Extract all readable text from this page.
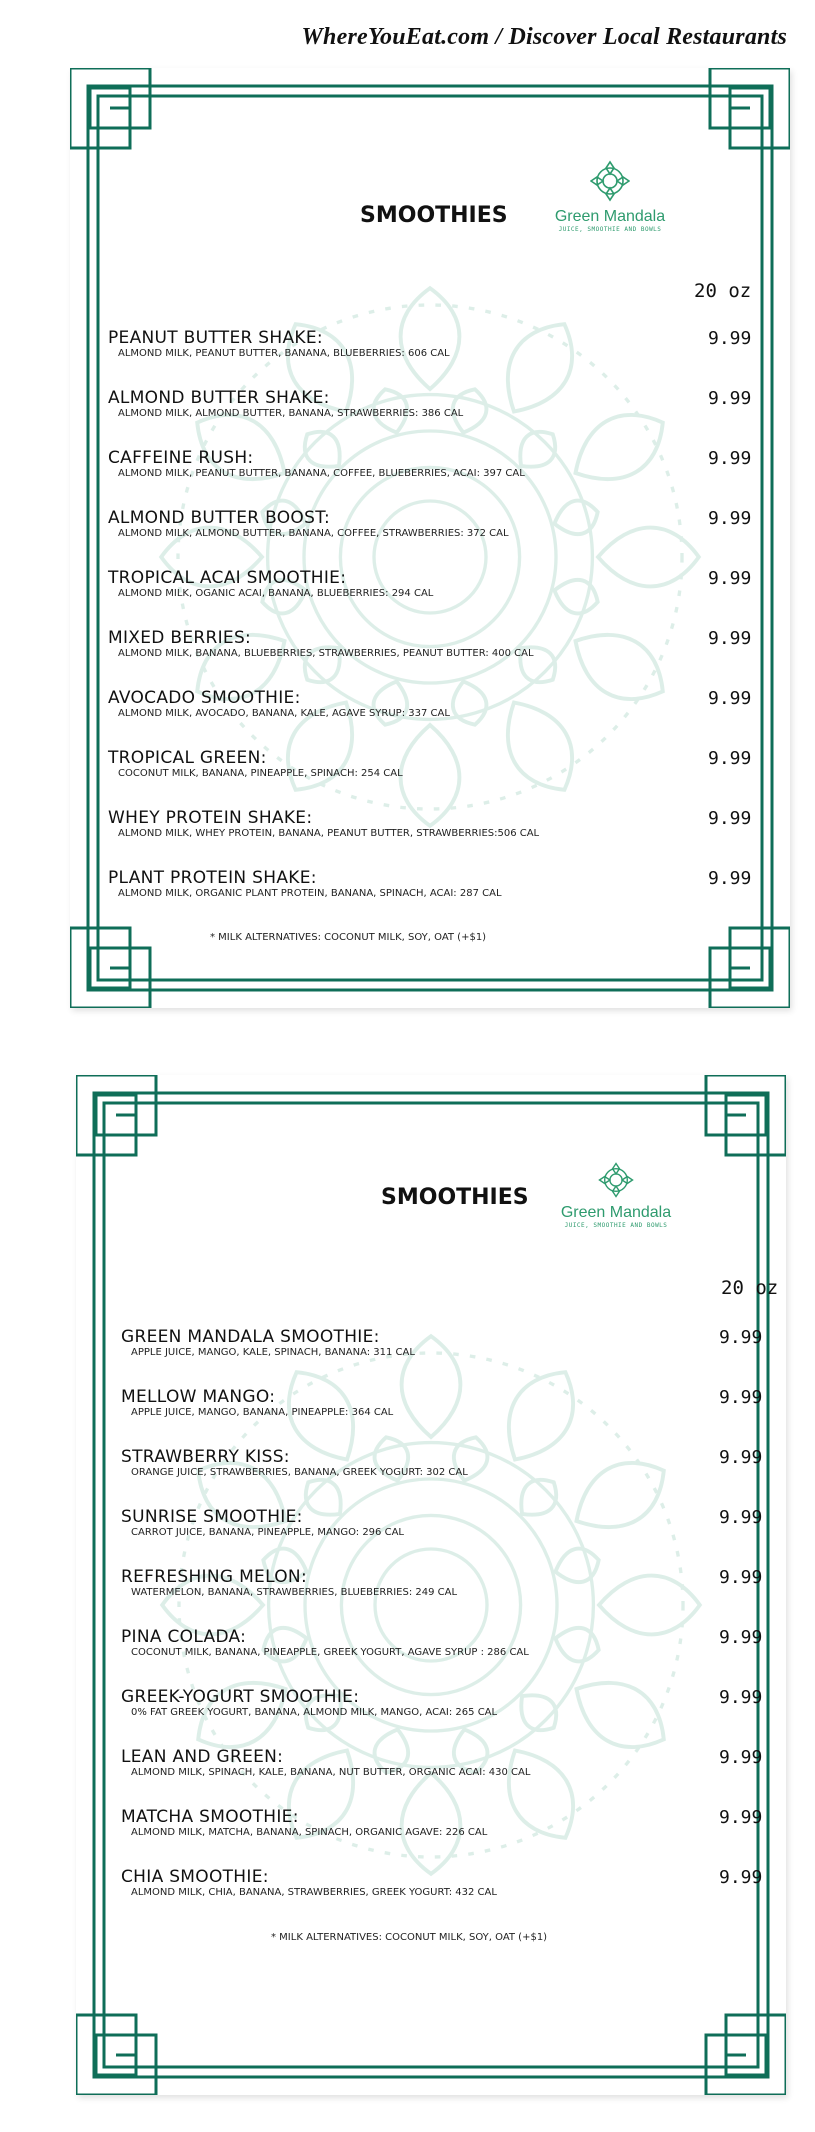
WhereYouEat.com / Discover Local Restaurants
SMOOTHIES	Green Mandala
JUICE, SMOOTHIE AND BOWLS
20 oz
PEANUT BUTTER SHAKE:
ALMOND MILK, PEANUT BUTTER, BANANA, BLUEBERRIES: 606 CAL
9.99
ALMOND BUTTER SHAKE:
ALMOND MILK, ALMOND BUTTER, BANANA, STRAWBERRIES: 386 CAL
9.99
CAFFEINE RUSH:
ALMOND MILK, PEANUT BUTTER, BANANA, COFFEE, BLUEBERRIES, ACAI: 397 CAL
9.99
ALMOND BUTTER BOOST:
ALMOND MILK, ALMOND BUTTER, BANANA, COFFEE, STRAWBERRIES: 372 CAL
9.99
TROPICAL ACAI SMOOTHIE:
ALMOND MILK, OGANIC ACAI, BANANA, BLUEBERRIES: 294 CAL
9.99
MIXED BERRIES:
ALMOND MILK, BANANA, BLUEBERRIES, STRAWBERRIES, PEANUT BUTTER: 400 CAL
9.99
AVOCADO SMOOTHIE:
ALMOND MILK, AVOCADO, BANANA, KALE, AGAVE SYRUP: 337 CAL
9.99
TROPICAL GREEN:
COCONUT MILK, BANANA, PINEAPPLE, SPINACH: 254 CAL
9.99
WHEY PROTEIN SHAKE:
ALMOND MILK, WHEY PROTEIN, BANANA, PEANUT BUTTER, STRAWBERRIES:506 CAL
9.99
PLANT PROTEIN SHAKE:
ALMOND MILK, ORGANIC PLANT PROTEIN, BANANA, SPINACH, ACAI: 287 CAL
9.99
* MILK ALTERNATIVES: COCONUT MILK, SOY, OAT (+$1)
SMOOTHIES
Green Mandala
JUICE, SMOOTHIE AND BOWLS
20 oz
GREEN MANDALA SMOOTHIE:
APPLE JUICE, MANGO, KALE, SPINACH, BANANA: 311 CAL
9.99
MELLOW MANGO:
APPLE JUICE, MANGO, BANANA, PINEAPPLE: 364 CAL
9.99
STRAWBERRY KISS:
ORANGE JUICE, STRAWBERRIES, BANANA, GREEK YOGURT: 302 CAL
9.99
SUNRISE SMOOTHIE:
CARROT JUICE, BANANA, PINEAPPLE, MANGO: 296 CAL
9.99
REFRESHING MELON:
WATERMELON, BANANA, STRAWBERRIES, BLUEBERRIES: 249 CAL
9.99
PINA COLADA:
COCONUT MILK, BANANA, PINEAPPLE, GREEK YOGURT, AGAVE SYRUP : 286 CAL
9.99
GREEK-YOGURT SMOOTHIE:
0% FAT GREEK YOGURT, BANANA, ALMOND MILK, MANGO, ACAI: 265 CAL
9.99
LEAN AND GREEN:
ALMOND MILK, SPINACH, KALE, BANANA, NUT BUTTER, ORGANIC ACAI: 430 CAL
9.99
MATCHA SMOOTHIE:
ALMOND MILK, MATCHA, BANANA, SPINACH, ORGANIC AGAVE: 226 CAL
9.99
CHIA SMOOTHIE:
ALMOND MILK, CHIA, BANANA, STRAWBERRIES, GREEK YOGURT: 432 CAL
9.99
* MILK ALTERNATIVES: COCONUT MILK, SOY, OAT (+$1)
